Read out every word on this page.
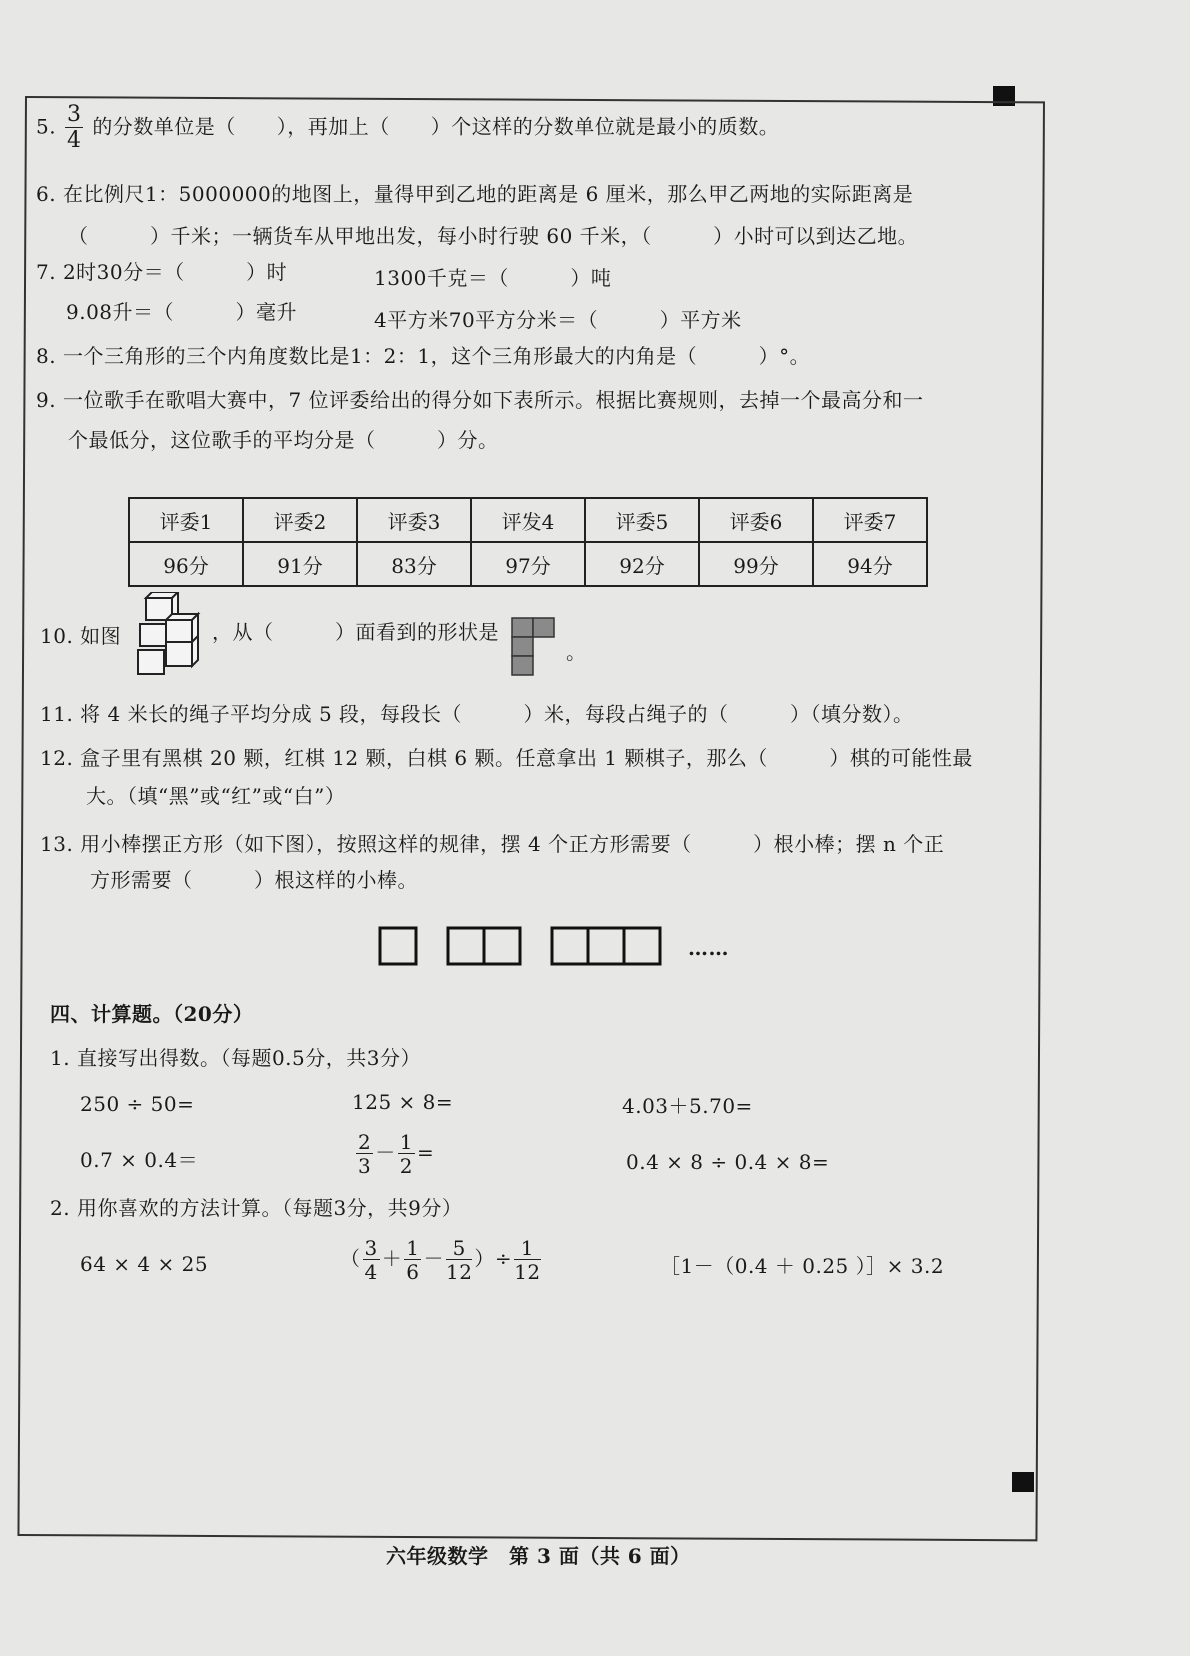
5. $\frac{3}{4}$ 的分数单位是（　　），再加上（　　）个这样的分数单位就是最小的质数。
6. 在比例尺1：5000000的地图上，量得甲到乙地的距离是 6 厘米，那么甲乙两地的实际距离是
（　　　）千米；一辆货车从甲地出发，每小时行驶 60 千米，（　　　）小时可以到达乙地。
7. 2时30分＝（　　　）时	1300千克＝（　　　）吨
9.08升＝（　　　）毫升	4平方米70平方分米＝（　　　）平方米
8. 一个三角形的三个内角度数比是1：2：1，这个三角形最大的内角是（　　　）°。
9. 一位歌手在歌唱大赛中，7 位评委给出的得分如下表所示。根据比赛规则，去掉一个最高分和一
个最低分，这位歌手的平均分是（　　　）分。
评委1	评委2	评委3	评发4	评委5	评委6	评委7
96分	91分	83分	97分	92分	99分	94分
10. 如图	，从（　　　）面看到的形状是
。
11. 将 4 米长的绳子平均分成 5 段，每段长（　　　）米，每段占绳子的（　　　）（填分数）。
12. 盒子里有黑棋 20 颗，红棋 12 颗，白棋 6 颗。任意拿出 1 颗棋子，那么（　　　）棋的可能性最
大。（填“黑”或“红”或“白”）
13. 用小棒摆正方形（如下图），按照这样的规律，摆 4 个正方形需要（　　　）根小棒；摆 n 个正
方形需要（　　　）根这样的小棒。
……
四、计算题。（20分）
1. 直接写出得数。（每题0.5分，共3分）
250 ÷ 50=	125 × 8=	4.03＋5.70=
0.7 × 0.4＝	$\frac{2}{3} - \frac{1}{2}$ =	0.4 × 8 ÷ 0.4 × 8=
2. 用你喜欢的方法计算。（每题3分，共9分）
64 × 4 × 25	（ $\frac{3}{4} + \frac{1}{6} - \frac{5}{12}$ ）÷ $\frac{1}{12}$	［1－（0.4 ＋ 0.25 ）］× 3.2
六年级数学　第 3 面（共 6 面）
